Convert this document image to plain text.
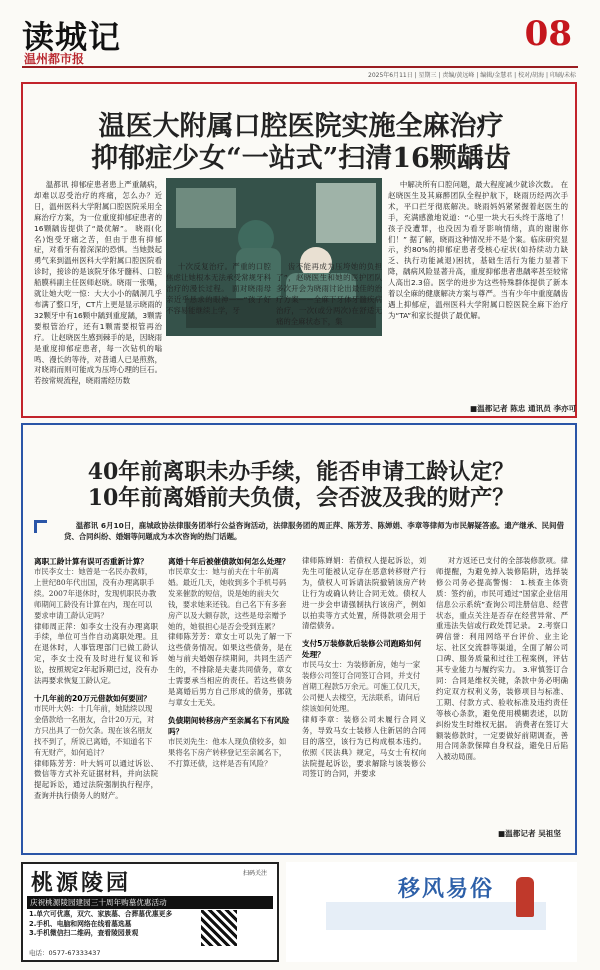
读城记
温州都市报
08
2025年6月11日 | 星期三 | 责编/黄远峰 | 编辑/金慧君 | 校对/胡海 | 印刷/未标
温医大附属口腔医院实施全麻治疗
抑郁症少女“一站式”扫清16颗龋齿

温都讯 抑郁症患者患上严重龋病，却难以忍受治疗的疼痛，怎么办？近日，温州医科大学附属口腔医院采用全麻治疗方案，为一位重度抑郁症患者的16颗龋齿提供了“最优解”。 晓雨(化名)饱受牙痛之苦，但由于患有抑郁症，对看牙有着深深的恐惧。当她鼓起勇气来到温州医科大学附属口腔医院看诊时，接诊的是该院牙体牙髓科、口腔船膜科副主任医师赵晓。晓雨一张嘴，就让她大吃一惊：大大小小的龋洞几乎布满了整口牙，CT片上更是显示晓雨的32颗牙中有16颗中龋到重度龋，3颗需要根管治疗，还有1颗需要根管再治疗。 让赵晓医生感到棘手的是，因晓雨是重度抑郁症患者，每一次钻机的嗡鸣、漫长的等待，对普通人已是煎熬，对晓雨而则可能成为压垮心理的巨石。若按常规流程，晓雨需经历数

十次反复治疗。严重的口腔焦虑让她根本无法承受常规牙科治疗的漫长过程。 面对晓雨母亲近乎恳求的眼神——“孩子好不容易能继续上学，牙

齿不能再成为压垮她的负担了”，赵晓医生和她的医护团队多次开会为晓雨讨论出最佳的治疗方案——全麻下牙体牙髓疾病治疗，一次(或分两次)在舒适无痛的全麻状态下，集

中解决所有口腔问题，最大程度减少就诊次数。 在赵晓医生及其麻醉团队全程护航下，晓雨历经两次手术，平口拦牙彻底解决。晓雨妈妈紧紧握着赵医生的手，充满感激地说道：“心里一块大石头终于落地了！孩子没遭罪，也没因为看牙影响情绪，真的谢谢你们！” 据了解，晓雨这种情况并不是个案。临床研究显示，约80%的抑郁症患者受核心症状(如持续动力缺乏、执行功能减退)困扰，基础生活行为能力显著下降，龋病风险显著升高，重度抑郁患者患龋率甚至较常人高出2.3倍。医学的进步为这些特殊群体提供了新本着以全麻的健康解决方案与尊严。当有少年中重度龋齿遇上抑郁症，温州医科大学附属口腔医院全麻下治疗为“TA”和家长提供了最优解。

■温都记者 陈忠 通讯员 李亦可
40年前离职未办手续，能否申请工龄认定？
10年前离婚前夫负债，会否波及我的财产？

温都讯 6月10日，鹿城政协法律服务团举行公益咨询活动，法律服务团的周正萍、陈芳芳、陈婵娟、李章等律师为市民解疑答惑。遗产继承、民间借贷、合同纠纷、婚姻等问题成为本次咨询的热门话题。

离职工龄计算有误可否重新计算？
市民李女士：她曾是一名民办教师，上世纪80年代出国，没有办理离职手续。2007年退休时，发现机职民办教师期间工龄没有计算在内，现在可以要求申请工龄认定吗？
律师周正萍：如李女士没有办理离职手续，单位可当作自动离职处理。且在退休时，人事管理部门已做工龄认定，李女士没有及时进行复议和诉讼，按照规定2年起诉期已过，没有办法再要求恢复工龄认定。
十几年前的20万元借款如何要回？
市民叶大妈：十几年前，她陆续以现金借款给一名朋友，合计20万元，对方只出具了一份欠条。现在该名朋友找不到了，所说已离婚，不知道名下有无财产，如何追讨？
律师陈芳芳：叶大妈可以通过诉讼、微信等方式补充证据材料，并向法院提起诉讼，通过法院强制执行程序，查询并执行债务人的财产。
离婚十年后被催债款如何怎么处理？
市民章女士：她与前夫在十年前离婚。最近几天，她收到多个手机号码发来催款的短信，说是她的前夫欠钱，要求她来还钱。自己名下有多套房产以及大额存款，这些是母亲赠予她的，她很担心是否会受到连累？
律师陈芳芳：章女士可以先了解一下这些债务情况。如果这些债务，是在她与前夫婚姻存续期间，共同生活产生的，不排除是夫妻共同债务，章女士需要承当相应的责任。若这些债务是离婚后男方自己形成的债务，那就与章女士无关。
负债期间转移房产至亲属名下有风险吗？
市民刘先生：他本人现负债较多，如果将名下房产转移登记至亲属名下，不打算还债，这样是否有风险？
律师陈婵娟：若债权人提起诉讼，刘先生可能被认定存在恶意转移财产行为，债权人可诉请法院撤销该房产转让行为或确认转让合同无效。债权人进一步会申请强制执行该房产，例如以拍卖等方式处置，所得款项会用于清偿债务。
支付5万装修款后装修公司跑路如何处理？
市民马女士：为装修新房，她与一家装修公司签订合同签订合同，并支付首期工程款5万余元。可施工仅几天，公司便人去楼空，无法联系，请问后续该如何处理。
律师李章：装修公司未履行合同义务，导致马女士装修人住新居的合同目的落空，该行为已构成根本违约。依照《民法典》规定，马女士有权向法院提起诉讼，要求解除与该装修公司签订的合同，并要求

对方返还已支付的全部装修款项。律师提醒，为避免掉入装修陷阱，选择装修公司务必提高警惕： 1.核查主体资质：签约前，市民可通过“国家企业信用信息公示系统”查询公司注册信息、经营状态，重点关注是否存在经营异常、严重违法失信或行政处罚记录。 2.考察口碑信誉：利用网络平台评价、业主论坛、社区交流群等渠道，全面了解公司口碑、服务质量和过往工程案例，评估其专业能力与履约实力。 3.审慎签订合同：合同是维权关键，条款中务必明确约定双方权利义务，装修项目与标准、工期、付款方式、验收标准及违约责任等核心条款，避免使用模糊表述，以防纠纷发生时维权无据。 消费者在签订大额装修款时，一定要做好前期调查，善用合同条款保障自身权益，避免日后陷入被动局面。

■温都记者 吴祖坚
桃源陵园
庆祝桃源陵园建园三十周年购墓优惠活动
1.单穴可优惠，双穴、家族墓、合葬墓优惠更多
2.手机、电脑和网络在线看墓选墓
3.手机微信扫二维码，查看陵园景观
电话：0577-67333437
扫码关注
移风易俗
